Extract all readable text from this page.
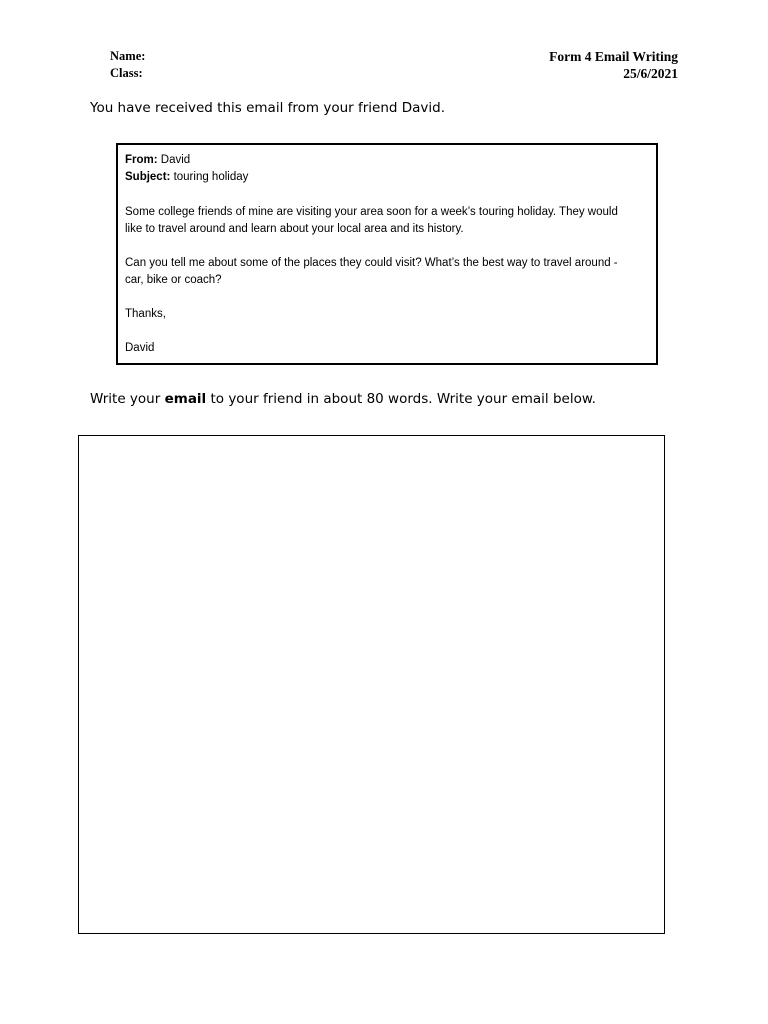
Name:
Class:
Form 4 Email Writing
25/6/2021
You have received this email from your friend David.

From: David

Subject: touring holiday

Some college friends of mine are visiting your area soon for a week’s touring holiday. They would
like to travel around and learn about your local area and its history.
Can you tell me about some of the places they could visit? What’s the best way to travel around -
car, bike or coach?
Thanks,
David
Write your email to your friend in about 80 words. Write your email below.
